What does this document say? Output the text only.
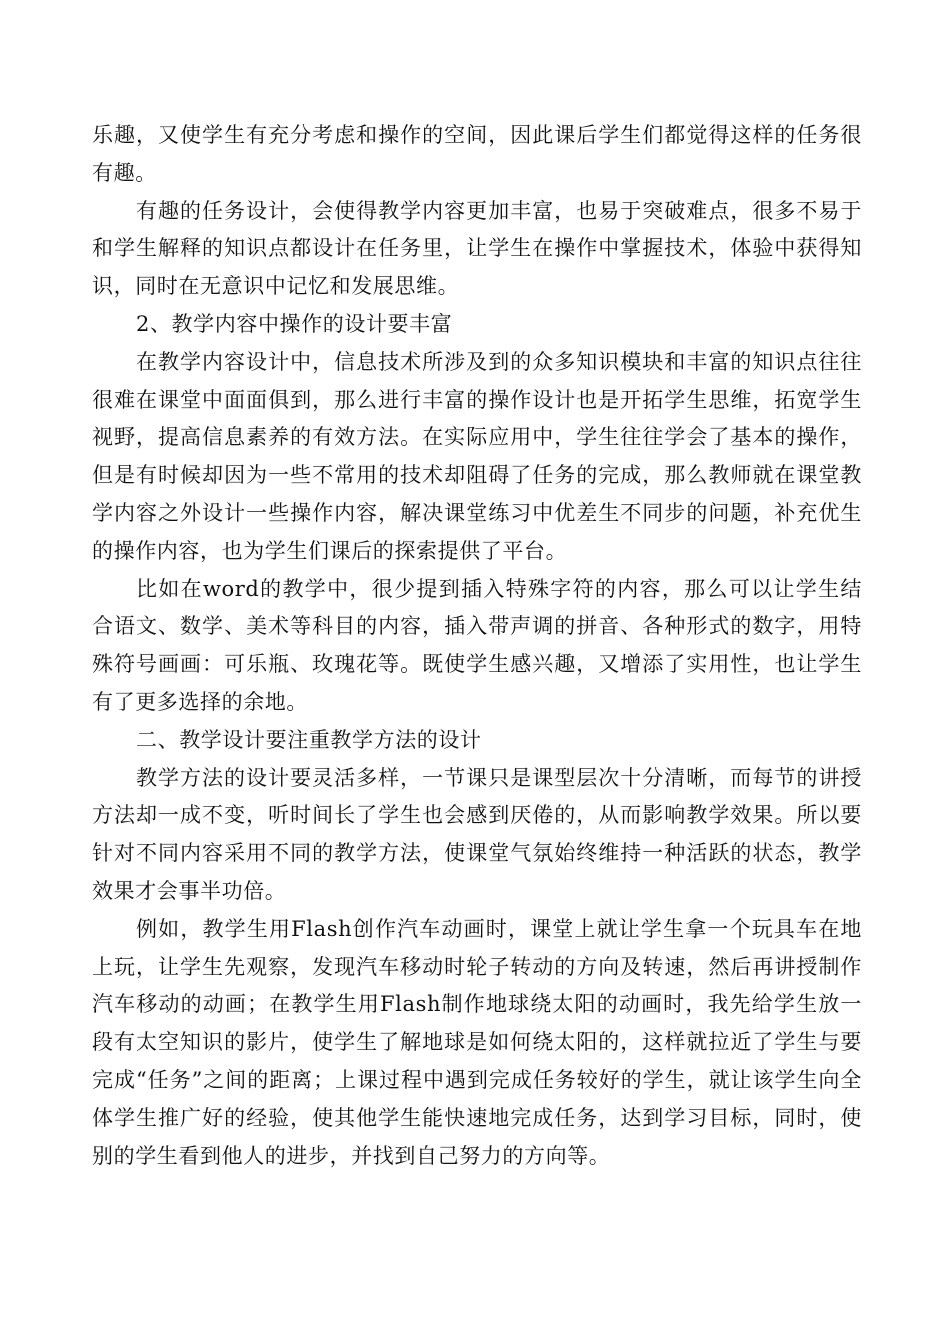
乐趣，又使学生有充分考虑和操作的空间，因此课后学生们都觉得这样的任务很有趣。

有趣的任务设计，会使得教学内容更加丰富，也易于突破难点，很多不易于和学生解释的知识点都设计在任务里，让学生在操作中掌握技术，体验中获得知识，同时在无意识中记忆和发展思维。

2、教学内容中操作的设计要丰富

在教学内容设计中，信息技术所涉及到的众多知识模块和丰富的知识点往往很难在课堂中面面俱到，那么进行丰富的操作设计也是开拓学生思维，拓宽学生视野，提高信息素养的有效方法。在实际应用中，学生往往学会了基本的操作，但是有时候却因为一些不常用的技术却阻碍了任务的完成，那么教师就在课堂教学内容之外设计一些操作内容，解决课堂练习中优差生不同步的问题，补充优生的操作内容，也为学生们课后的探索提供了平台。

比如在word的教学中，很少提到插入特殊字符的内容，那么可以让学生结合语文、数学、美术等科目的内容，插入带声调的拼音、各种形式的数字，用特殊符号画画：可乐瓶、玫瑰花等。既使学生感兴趣，又增添了实用性，也让学生有了更多选择的余地。

二、教学设计要注重教学方法的设计

教学方法的设计要灵活多样，一节课只是课型层次十分清晰，而每节的讲授方法却一成不变，听时间长了学生也会感到厌倦的，从而影响教学效果。所以要针对不同内容采用不同的教学方法，使课堂气氛始终维持一种活跃的状态，教学效果才会事半功倍。

例如，教学生用Flash创作汽车动画时，课堂上就让学生拿一个玩具车在地上玩，让学生先观察，发现汽车移动时轮子转动的方向及转速，然后再讲授制作汽车移动的动画；在教学生用Flash制作地球绕太阳的动画时，我先给学生放一段有太空知识的影片，使学生了解地球是如何绕太阳的，这样就拉近了学生与要完成“任务”之间的距离；上课过程中遇到完成任务较好的学生，就让该学生向全体学生推广好的经验，使其他学生能快速地完成任务，达到学习目标，同时，使别的学生看到他人的进步，并找到自己努力的方向等。
